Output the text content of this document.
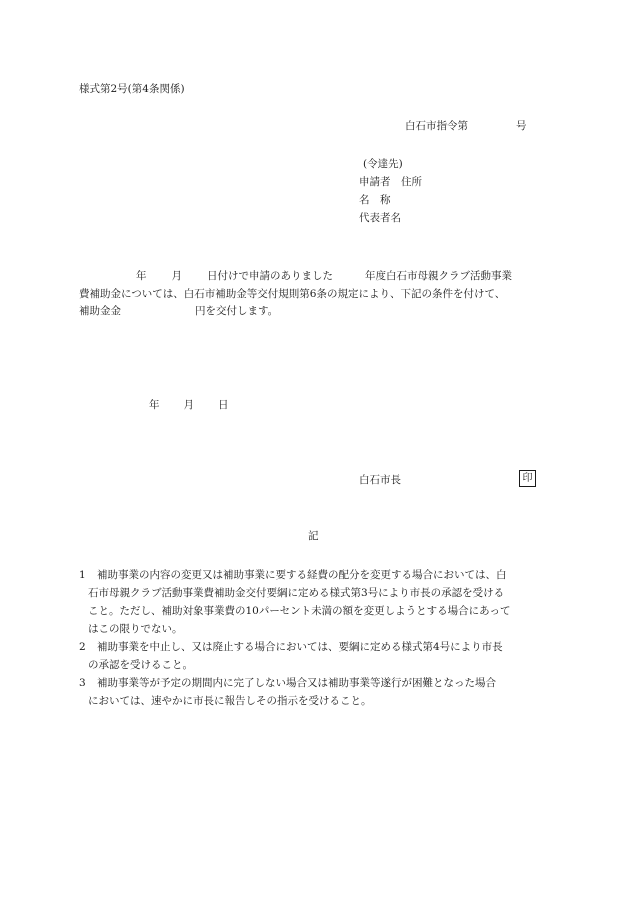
様式第2号(第4条関係)
白石市指令第	号
(令達先)
申請者　住所
名　称
代表者名
年 月 日付けで申請のありました	年度白石市母親クラブ活動事業
費補助金については、白石市補助金等交付規則第6条の規定により、下記の条件を付けて、
補助金金	円を交付します。
年 月 日
白石市長	印
記
1	補助事業の内容の変更又は補助事業に要する経費の配分を変更する場合においては、白
石市母親クラブ活動事業費補助金交付要綱に定める様式第3号により市長の承認を受ける
こと。ただし、補助対象事業費の10パーセント未満の額を変更しようとする場合にあって
はこの限りでない。
2	補助事業を中止し、又は廃止する場合においては、要綱に定める様式第4号により市長
の承認を受けること。
3	補助事業等が予定の期間内に完了しない場合又は補助事業等遂行が困難となった場合
においては、速やかに市長に報告しその指示を受けること。
